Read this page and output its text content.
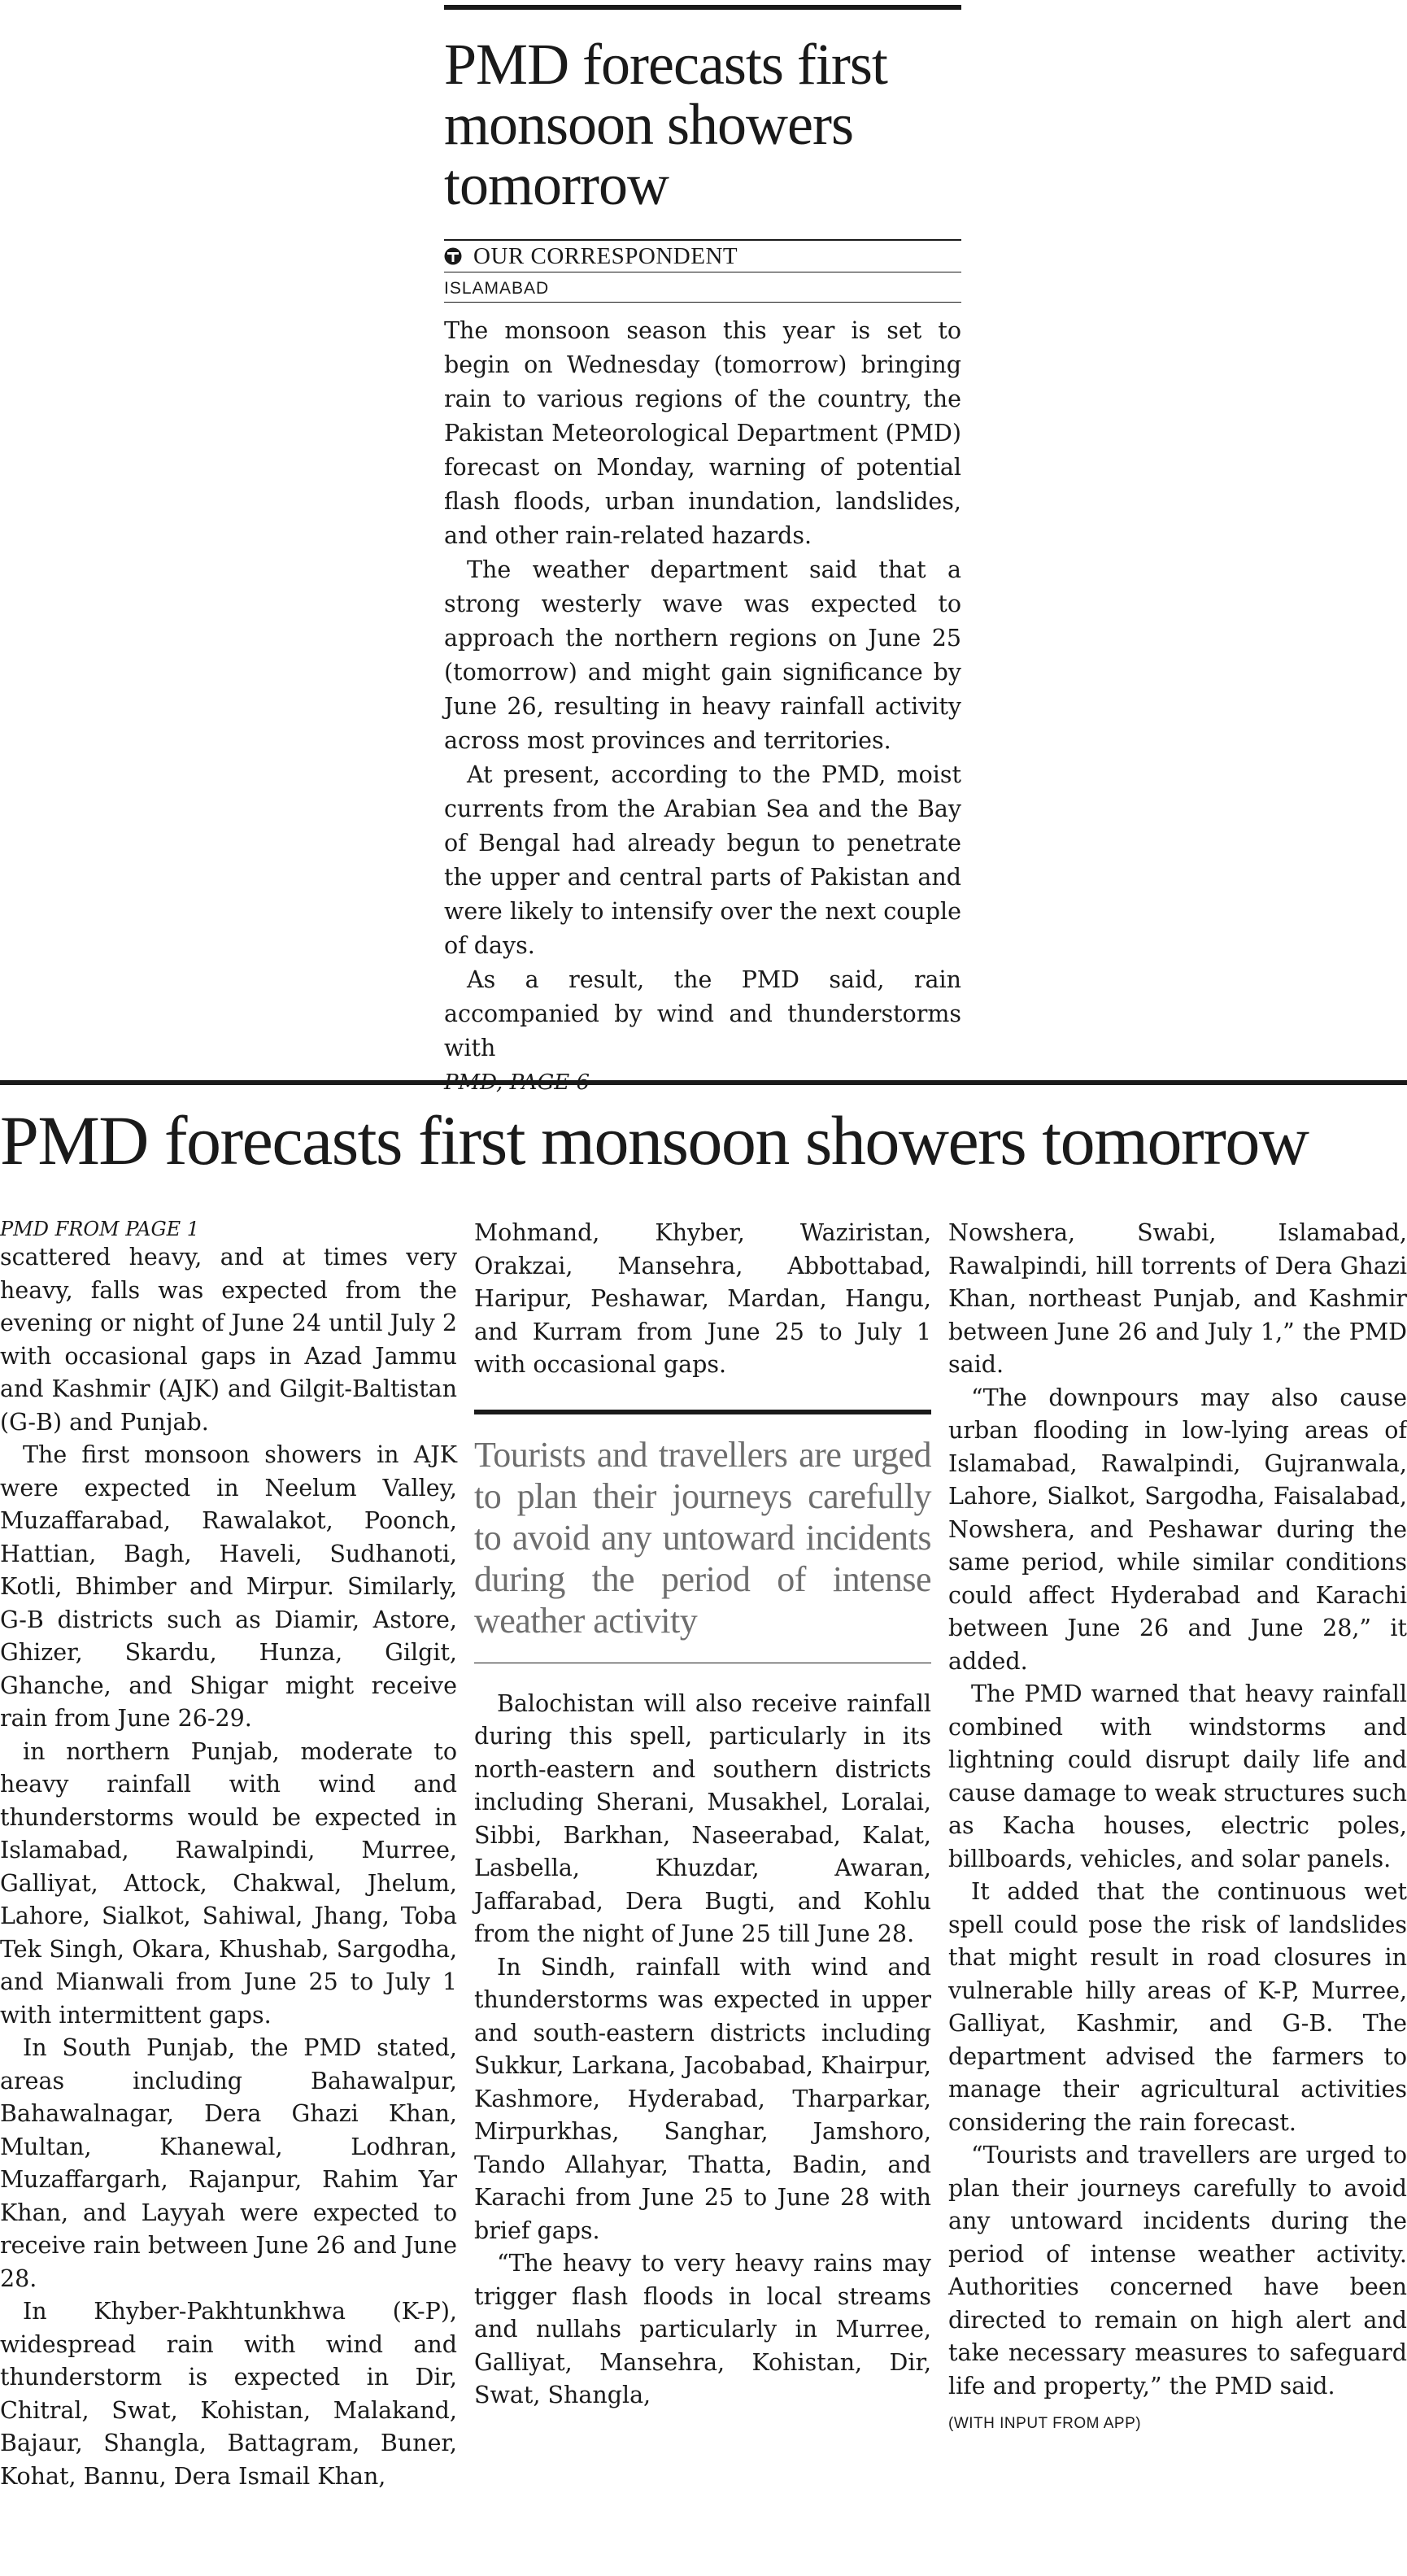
PMD forecasts first monsoon showers tomorrow
OUR CORRESPONDENT
ISLAMABAD

The monsoon season this year is set to begin on Wednesday (tomorrow) bringing rain to various regions of the country, the Pakistan Meteorological Department (PMD) forecast on Monday, warning of potential flash floods, urban inundation, landslides, and other rain-related hazards.

The weather department said that a strong westerly wave was expected to approach the northern regions on June 25 (tomorrow) and might gain significance by June 26, resulting in heavy rainfall activity across most provinces and territories.

At present, according to the PMD, moist currents from the Arabian Sea and the Bay of Bengal had already begun to penetrate the upper and central parts of Pakistan and were likely to intensify over the next couple of days.

As a result, the PMD said, rain accompanied by wind and thunderstorms with

PMD forecasts first monsoon showers tomorrow
PMD FROM PAGE 1

scattered heavy, and at times very heavy, falls was expected from the evening or night of June 24 until July 2 with occasional gaps in Azad Jammu and Kashmir (AJK) and Gilgit-Baltistan (G-B) and Punjab.

The first monsoon showers in AJK were expected in Neelum Valley, Muzaffarabad, Rawalakot, Poonch, Hattian, Bagh, Haveli, Sudhanoti, Kotli, Bhimber and Mirpur. Similarly, G-B districts such as Diamir, Astore, Ghizer, Skardu, Hunza, Gilgit, Ghanche, and Shigar might receive rain from June 26-29.

in northern Punjab, moderate to heavy rainfall with wind and thunderstorms would be expected in Islamabad, Rawalpindi, Murree, Galliyat, Attock, Chakwal, Jhelum, Lahore, Sialkot, Sahiwal, Jhang, Toba Tek Singh, Okara, Khushab, Sargodha, and Mianwali from June 25 to July 1 with intermittent gaps.

In South Punjab, the PMD stated, areas including Bahawalpur, Bahawalnagar, Dera Ghazi Khan, Multan, Khanewal, Lodhran, Muzaffargarh, Rajanpur, Rahim Yar Khan, and Layyah were expected to receive rain between June 26 and June 28.

In Khyber-Pakhtunkhwa (K-P), widespread rain with wind and thunderstorm is expected in Dir, Chitral, Swat, Kohistan, Malakand, Bajaur, Shangla, Battagram, Buner, Kohat, Bannu, Dera Ismail Khan,

Mohmand, Khyber, Waziristan, Orakzai, Mansehra, Abbottabad, Haripur, Peshawar, Mardan, Hangu, and Kurram from June 25 to July 1 with occasional gaps.

Tourists and travellers are urged to plan their journeys carefully to avoid any untoward incidents during the period of intense weather activity

Balochistan will also receive rainfall during this spell, particularly in its north-eastern and southern districts including Sherani, Musakhel, Loralai, Sibbi, Barkhan, Naseerabad, Kalat, Lasbella, Khuzdar, Awaran, Jaffarabad, Dera Bugti, and Kohlu from the night of June 25 till June 28.

In Sindh, rainfall with wind and thunderstorms was expected in upper and south-eastern districts including Sukkur, Larkana, Jacobabad, Khairpur, Kashmore, Hyderabad, Tharparkar, Mirpurkhas, Sanghar, Jamshoro, Tando Allahyar, Thatta, Badin, and Karachi from June 25 to June 28 with brief gaps.

“The heavy to very heavy rains may trigger flash floods in local streams and nullahs particularly in Murree, Galliyat, Mansehra, Kohistan, Dir, Swat, Shangla,

Nowshera, Swabi, Islamabad, Rawalpindi, hill torrents of Dera Ghazi Khan, northeast Punjab, and Kashmir between June 26 and July 1,” the PMD said.

“The downpours may also cause urban flooding in low-lying areas of Islamabad, Rawalpindi, Gujranwala, Lahore, Sialkot, Sargodha, Faisalabad, Nowshera, and Peshawar during the same period, while similar conditions could affect Hyderabad and Karachi between June 26 and June 28,” it added.

The PMD warned that heavy rainfall combined with windstorms and lightning could disrupt daily life and cause damage to weak structures such as Kacha houses, electric poles, billboards, vehicles, and solar panels.

It added that the continuous wet spell could pose the risk of landslides that might result in road closures in vulnerable hilly areas of K-P, Murree, Galliyat, Kashmir, and G-B. The department advised the farmers to manage their agricultural activities considering the rain forecast.

“Tourists and travellers are urged to plan their journeys carefully to avoid any untoward incidents during the period of intense weather activity. Authorities concerned have been directed to remain on high alert and take necessary measures to safeguard life and property,” the PMD said.

(WITH INPUT FROM APP)
